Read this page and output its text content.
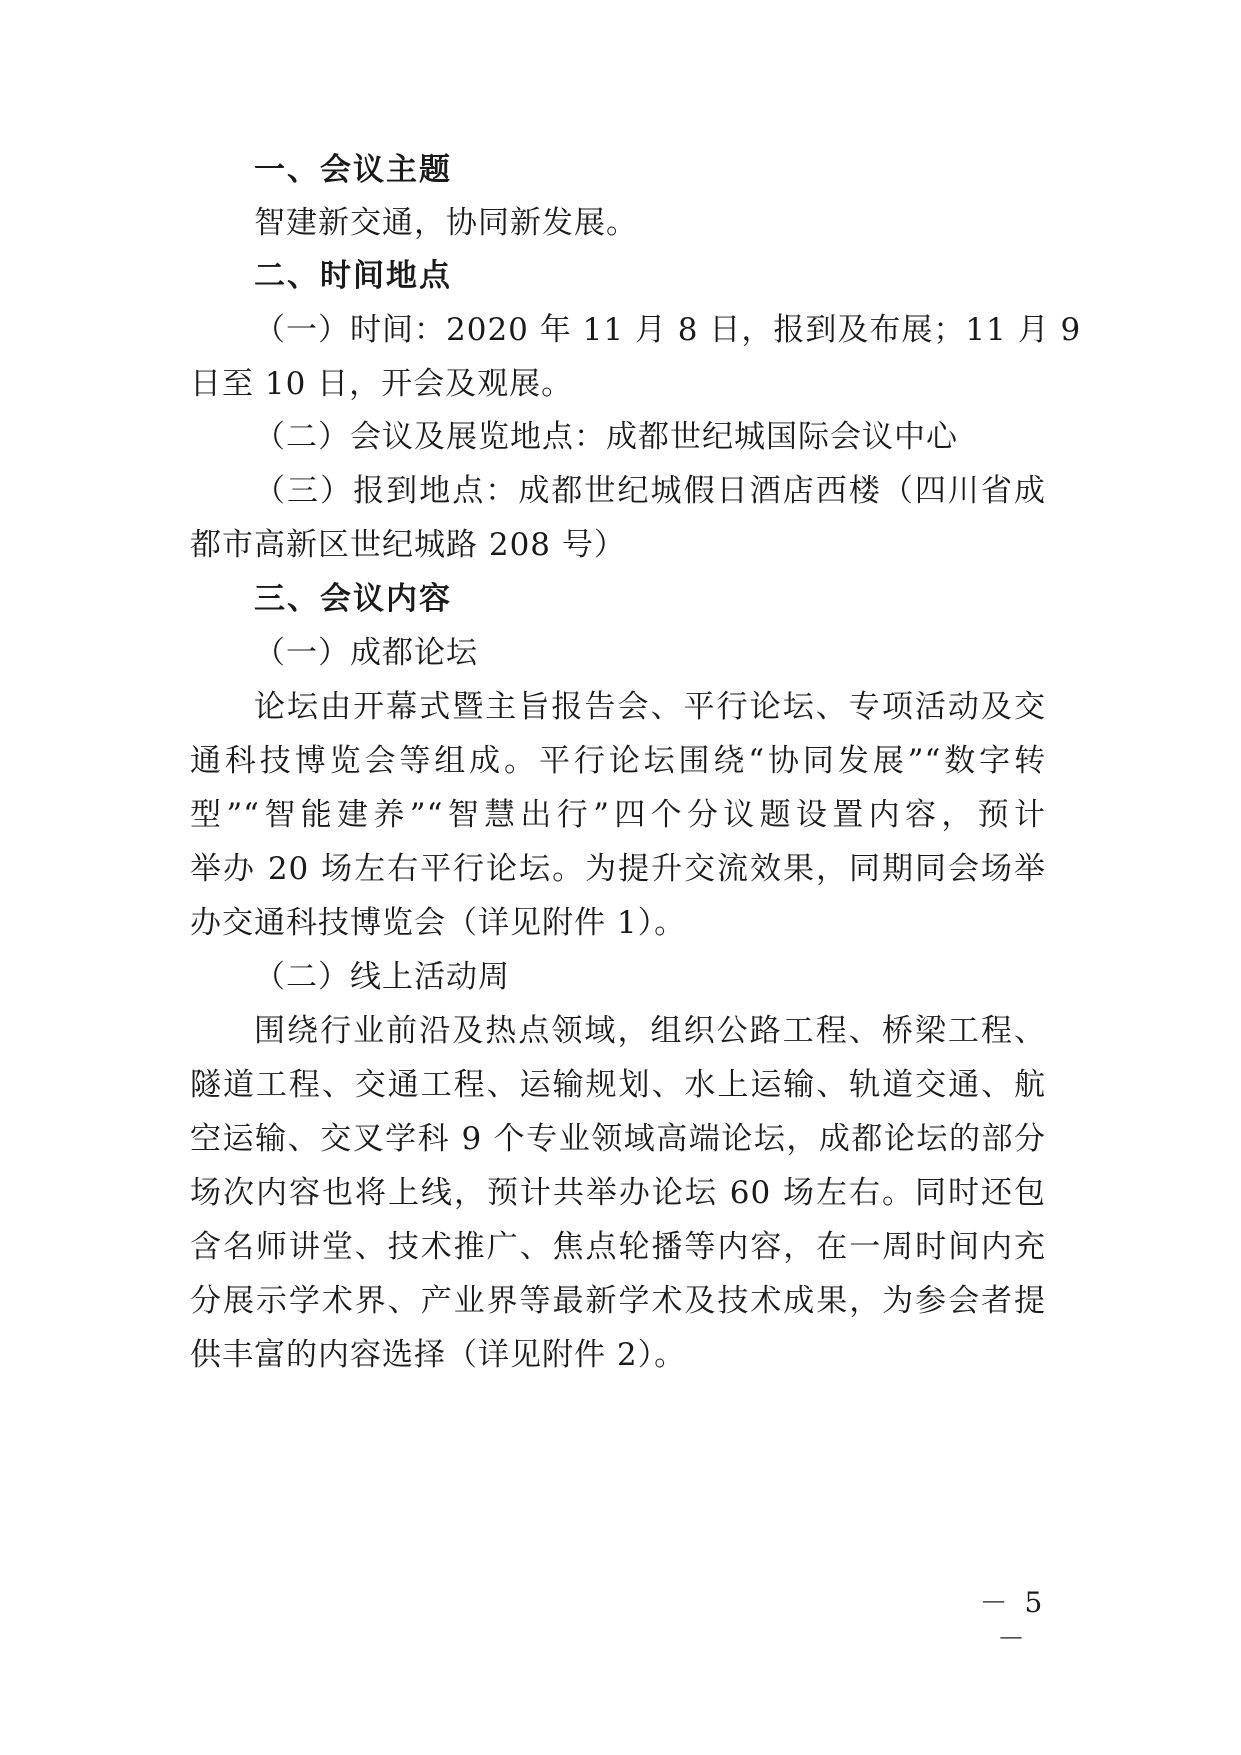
一、会议主题
智建新交通，协同新发展。
二、时间地点
（一）时间：2020 年 11 月 8 日，报到及布展；11 月 9
日至 10 日，开会及观展。
（二）会议及展览地点：成都世纪城国际会议中心
（三）报到地点：成都世纪城假日酒店西楼（四川省成
都市高新区世纪城路 208 号）
三、会议内容
（一）成都论坛
论坛由开幕式暨主旨报告会、平行论坛、专项活动及交
通科技博览会等组成。平行论坛围绕“协同发展”“数字转
型”“智能建养”“智慧出行”四个分议题设置内容，预计
举办 20 场左右平行论坛。为提升交流效果，同期同会场举
办交通科技博览会（详见附件 1）。
（二）线上活动周
围绕行业前沿及热点领域，组织公路工程、桥梁工程、
隧道工程、交通工程、运输规划、水上运输、轨道交通、航
空运输、交叉学科 9 个专业领域高端论坛，成都论坛的部分
场次内容也将上线，预计共举办论坛 60 场左右。同时还包
含名师讲堂、技术推广、焦点轮播等内容，在一周时间内充
分展示学术界、产业界等最新学术及技术成果，为参会者提
供丰富的内容选择（详见附件 2）。
－ 5 －
